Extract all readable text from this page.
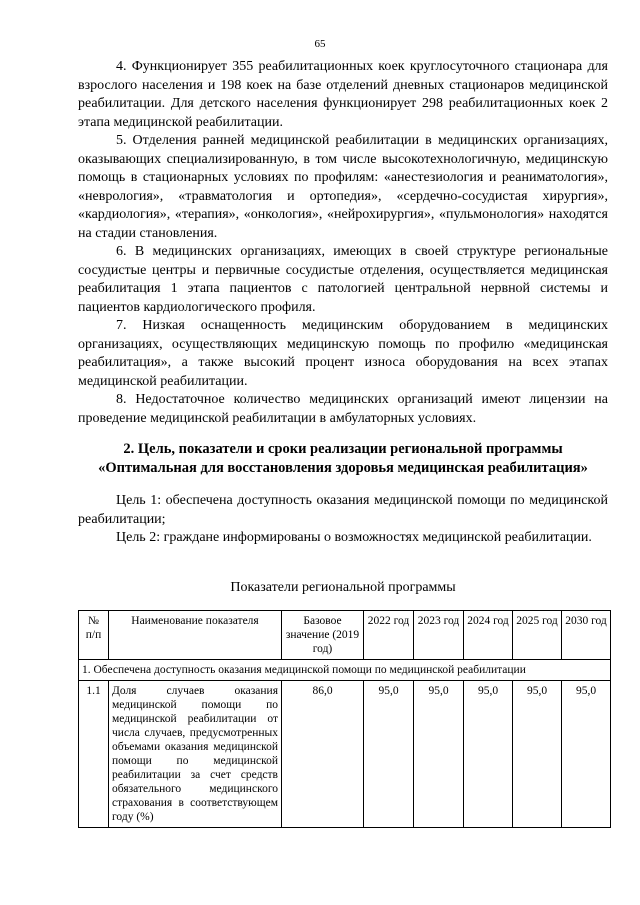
65

4. Функционирует 355 реабилитационных коек круглосуточного стационара для взрослого населения и 198 коек на базе отделений дневных стационаров медицинской реабилитации. Для детского населения функционирует 298 реабилитационных коек 2 этапа медицинской реабилитации.

5. Отделения ранней медицинской реабилитации в медицинских организациях, оказывающих специализированную, в том числе высокотехнологичную, медицинскую помощь в стационарных условиях по профилям: «анестезиология и реаниматология», «неврология», «травматология и ортопедия», «сердечно-сосудистая хирургия», «кардиология», «терапия», «онкология», «нейрохирургия», «пульмонология» находятся на стадии становления.

6. В медицинских организациях, имеющих в своей структуре региональные сосудистые центры и первичные сосудистые отделения, осуществляется медицинская реабилитация 1 этапа пациентов с патологией центральной нервной системы и пациентов кардиологического профиля.

7. Низкая оснащенность медицинским оборудованием в медицинских организациях, осуществляющих медицинскую помощь по профилю «медицинская реабилитация», а также высокий процент износа оборудования на всех этапах медицинской реабилитации.

8. Недостаточное количество медицинских организаций имеют лицензии на проведение медицинской реабилитации в амбулаторных условиях.

2. Цель, показатели и сроки реализации региональной программы
«Оптимальная для восстановления здоровья медицинская реабилитация»

Цель 1: обеспечена доступность оказания медицинской помощи по медицинской реабилитации;

Цель 2: граждане информированы о возможностях медицинской реабилитации.

Показатели региональной программы
№ п/п	Наименование показателя	Базовое значение (2019 год)	2022 год	2023 год	2024 год	2025 год	2030 год
1. Обеспечена доступность оказания медицинской помощи по медицинской реабилитации							
1.1	Доля случаев оказания медицинской помощи по медицинской реабилитации от числа случаев, предусмотренных объемами оказания медицинской помощи по медицинской реабилитации за счет средств обязательного медицинского страхования в соответствующем году (%)	86,0	95,0	95,0	95,0	95,0	95,0
